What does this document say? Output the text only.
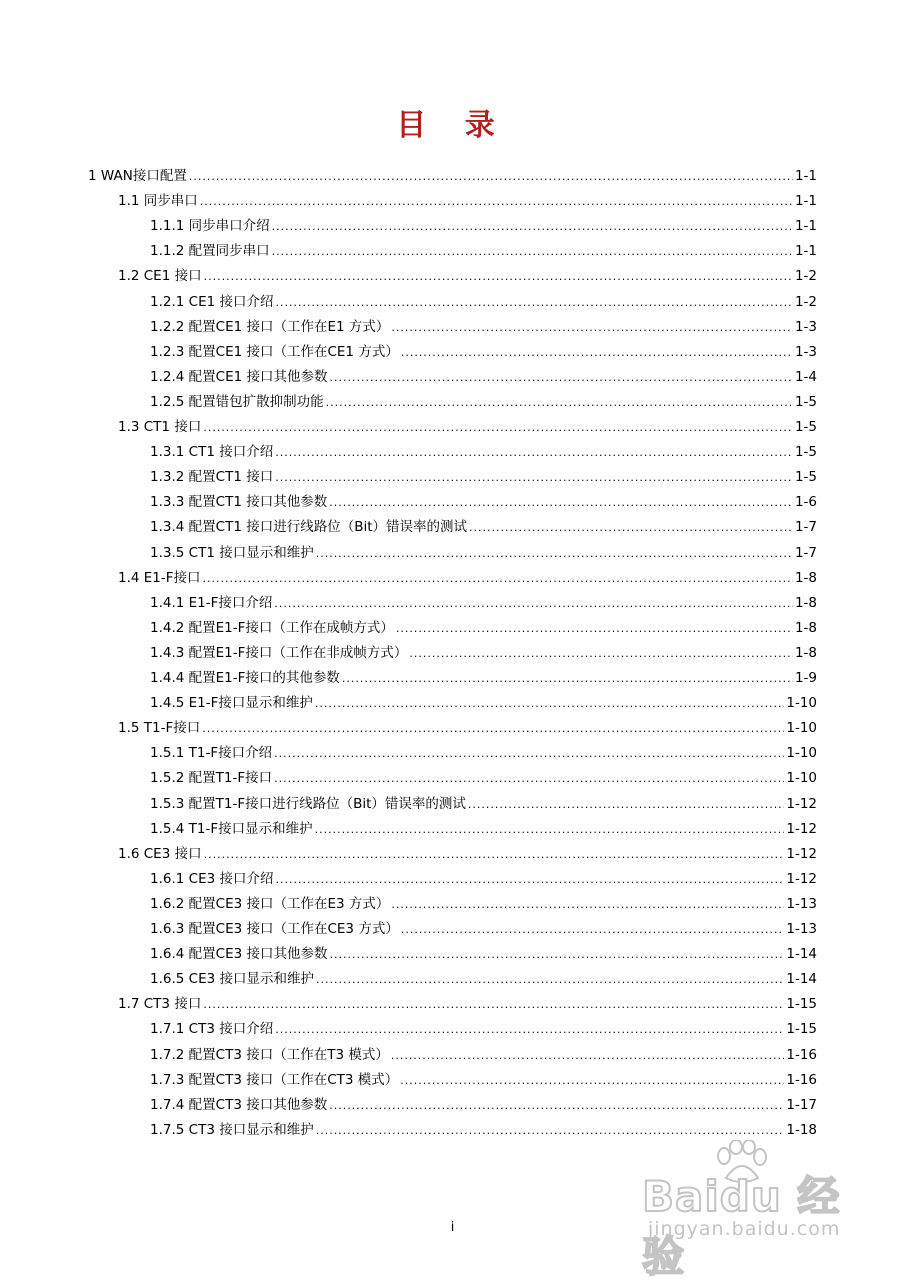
目 录
1 WAN接口配置 .....	1-1
1.1 同步串口 .....	1-1
1.1.1 同步串口介绍 .....	1-1
1.1.2 配置同步串口 .....	1-1
1.2 CE1 接口 .....	1-2
1.2.1 CE1 接口介绍 .....	1-2
1.2.2 配置CE1 接口（工作在E1 方式） .....	1-3
1.2.3 配置CE1 接口（工作在CE1 方式） .....	1-3
1.2.4 配置CE1 接口其他参数 .....	1-4
1.2.5 配置错包扩散抑制功能 .....	1-5
1.3 CT1 接口 .....	1-5
1.3.1 CT1 接口介绍 .....	1-5
1.3.2 配置CT1 接口 .....	1-5
1.3.3 配置CT1 接口其他参数 .....	1-6
1.3.4 配置CT1 接口进行线路位（Bit）错误率的测试 .....	1-7
1.3.5 CT1 接口显示和维护 .....	1-7
1.4 E1-F接口 .....	1-8
1.4.1 E1-F接口介绍 .....	1-8
1.4.2 配置E1-F接口（工作在成帧方式） .....	1-8
1.4.3 配置E1-F接口（工作在非成帧方式） .....	1-8
1.4.4 配置E1-F接口的其他参数 .....	1-9
1.4.5 E1-F接口显示和维护 .....	1-10
1.5 T1-F接口 .....	1-10
1.5.1 T1-F接口介绍 .....	1-10
1.5.2 配置T1-F接口 .....	1-10
1.5.3 配置T1-F接口进行线路位（Bit）错误率的测试 .....	1-12
1.5.4 T1-F接口显示和维护 .....	1-12
1.6 CE3 接口 .....	1-12
1.6.1 CE3 接口介绍 .....	1-12
1.6.2 配置CE3 接口（工作在E3 方式） .....	1-13
1.6.3 配置CE3 接口（工作在CE3 方式） .....	1-13
1.6.4 配置CE3 接口其他参数 .....	1-14
1.6.5 CE3 接口显示和维护 .....	1-14
1.7 CT3 接口 .....	1-15
1.7.1 CT3 接口介绍 .....	1-15
1.7.2 配置CT3 接口（工作在T3 模式） .....	1-16
1.7.3 配置CT3 接口（工作在CT3 模式） .....	1-16
1.7.4 配置CT3 接口其他参数 .....	1-17
1.7.5 CT3 接口显示和维护 .....	1-18
i
Baidu 经验
jingyan.baidu.com
